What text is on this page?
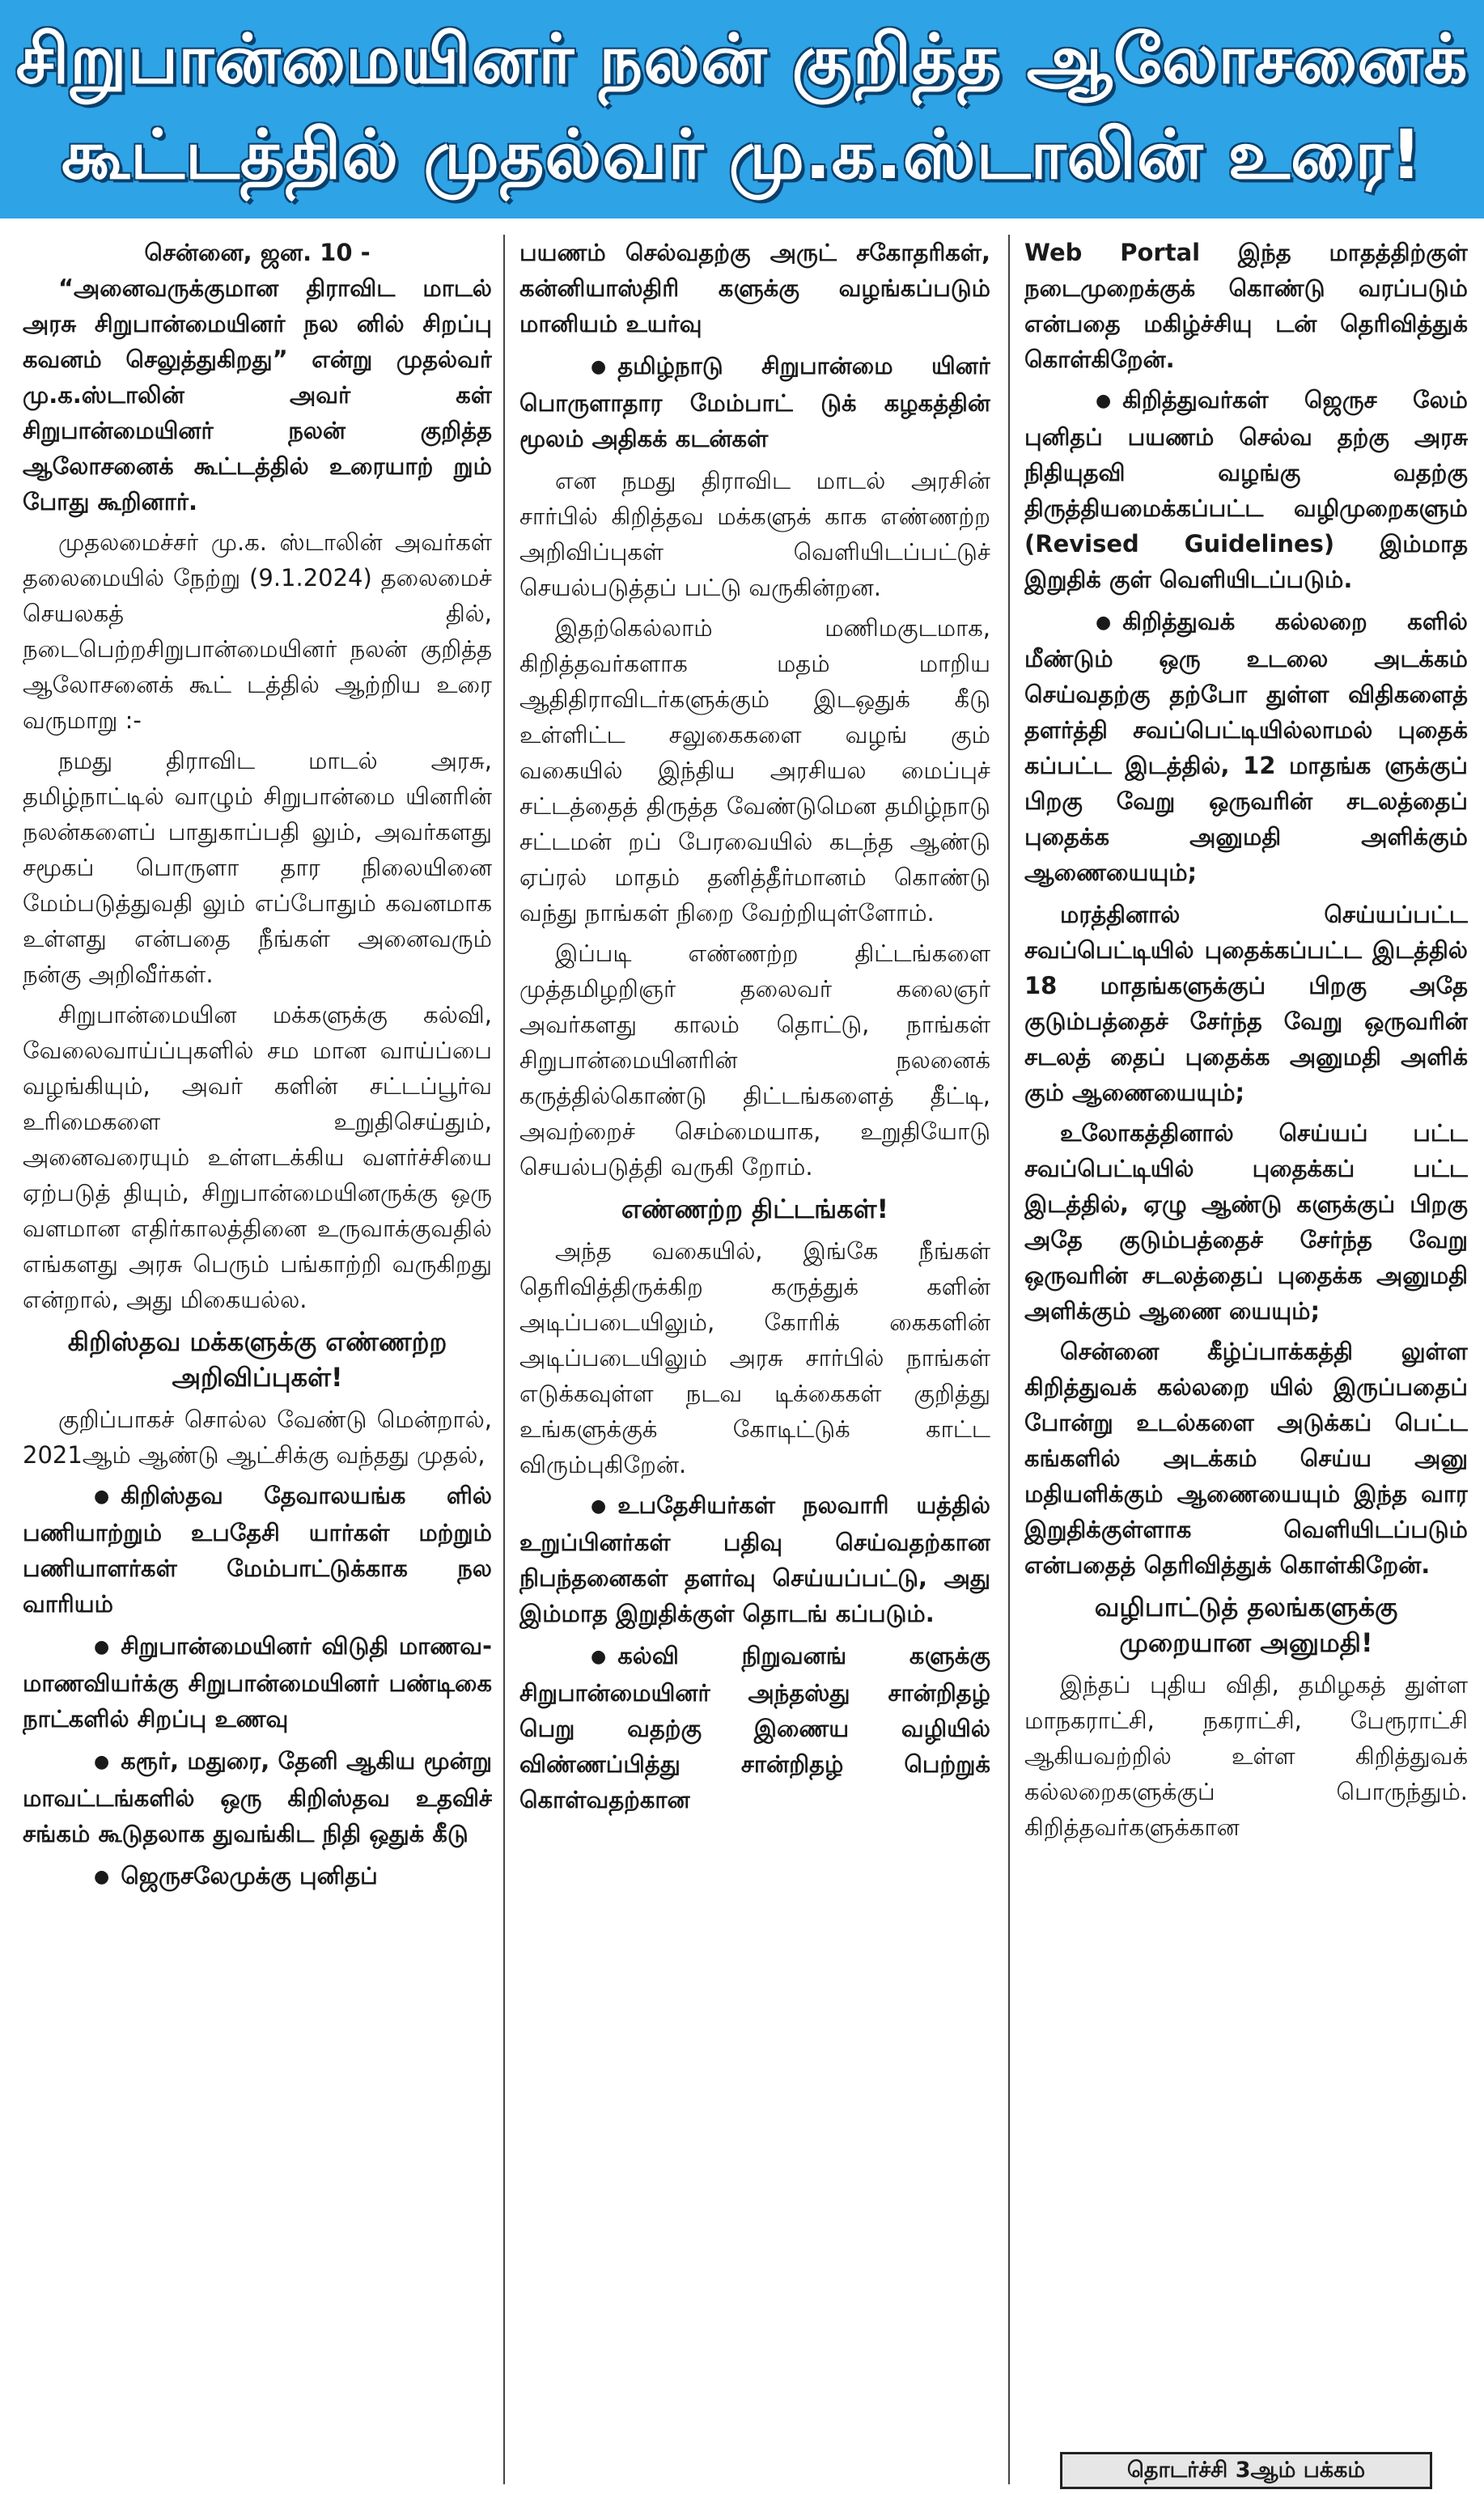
சிறுபான்மையினர் நலன் குறித்த ஆலோசனைக்
கூட்டத்தில் முதல்வர் மு.க.ஸ்டாலின் உரை!

சென்னை, ஜன. 10 -

“அனைவருக்குமான திராவிட மாடல் அரசு சிறுபான்மையினர் நல னில் சிறப்பு கவனம் செலுத்துகிறது” என்று முதல்வர் மு.க.ஸ்டாலின் அவர் கள் சிறுபான்மையினர் நலன் குறித்த ஆலோசனைக் கூட்டத்தில் உரையாற் றும் போது கூறினார்.

முதலமைச்சர் மு.க. ஸ்டாலின் அவர்கள் தலைமையில் நேற்று (9.1.2024) தலைமைச் செயலகத் தில், நடைபெற்றசிறுபான்மையினர் நலன் குறித்த ஆலோசனைக் கூட் டத்தில் ஆற்றிய உரை வருமாறு :-

நமது திராவிட மாடல் அரசு, தமிழ்நாட்டில் வாழும் சிறுபான்மை யினரின் நலன்களைப் பாதுகாப்பதி லும், அவர்களது சமூகப் பொருளா தார நிலையினை மேம்படுத்துவதி லும் எப்போதும் கவனமாக உள்ளது என்பதை நீங்கள் அனைவரும் நன்கு அறிவீர்கள்.

சிறுபான்மையின மக்களுக்கு கல்வி, வேலைவாய்ப்புகளில் சம மான வாய்ப்பை வழங்கியும், அவர் களின் சட்டப்பூர்வ உரிமைகளை உறுதிசெய்தும், அனைவரையும் உள்ளடக்கிய வளர்ச்சியை ஏற்படுத் தியும், சிறுபான்மையினருக்கு ஒரு வளமான எதிர்காலத்தினை உருவாக்குவதில் எங்களது அரசு பெரும் பங்காற்றி வருகிறது என்றால், அது மிகையல்ல.

கிறிஸ்தவ மக்களுக்கு எண்ணற்ற அறிவிப்புகள்!

குறிப்பாகச் சொல்ல வேண்டு மென்றால், 2021ஆம் ஆண்டு ஆட்சிக்கு வந்தது முதல்,

● கிறிஸ்தவ தேவாலயங்க ளில் பணியாற்றும் உபதேசி யார்கள் மற்றும் பணியாளர்கள் மேம்பாட்டுக்காக நல வாரியம்

● சிறுபான்மையினர் விடுதி மாணவ-மாணவியர்க்கு சிறுபான்மையினர் பண்டிகை நாட்களில் சிறப்பு உணவு

● கரூர், மதுரை, தேனி ஆகிய மூன்று மாவட்டங்களில் ஒரு கிறிஸ்தவ உதவிச் சங்கம் கூடுதலாக துவங்கிட நிதி ஒதுக் கீடு

● ஜெருசலேமுக்கு புனிதப்

பயணம் செல்வதற்கு அருட் சகோதரிகள், கன்னியாஸ்திரி களுக்கு வழங்கப்படும் மானியம் உயர்வு

● தமிழ்நாடு சிறுபான்மை யினர் பொருளாதார மேம்பாட் டுக் கழகத்தின் மூலம் அதிகக் கடன்கள்

என நமது திராவிட மாடல் அரசின் சார்பில் கிறித்தவ மக்களுக் காக எண்ணற்ற அறிவிப்புகள் வெளியிடப்பட்டுச் செயல்படுத்தப் பட்டு வருகின்றன.

இதற்கெல்லாம் மணிமகுடமாக, கிறித்தவர்களாக மதம் மாறிய ஆதிதிராவிடர்களுக்கும் இடஒதுக் கீடு உள்ளிட்ட சலுகைகளை வழங் கும் வகையில் இந்திய அரசியல மைப்புச் சட்டத்தைத் திருத்த வேண்டுமென தமிழ்நாடு சட்டமன் றப் பேரவையில் கடந்த ஆண்டு ஏப்ரல் மாதம் தனித்தீர்மானம் கொண்டு வந்து நாங்கள் நிறை வேற்றியுள்ளோம்.

இப்படி எண்ணற்ற திட்டங்களை முத்தமிழறிஞர் தலைவர் கலைஞர் அவர்களது காலம் தொட்டு, நாங்கள் சிறுபான்மையினரின் நலனைக் கருத்தில்கொண்டு திட்டங்களைத் தீட்டி, அவற்றைச் செம்மையாக, உறுதியோடு செயல்படுத்தி வருகி றோம்.

எண்ணற்ற திட்டங்கள்!

அந்த வகையில், இங்கே நீங்கள் தெரிவித்திருக்கிற கருத்துக் களின் அடிப்படையிலும், கோரிக் கைகளின் அடிப்படையிலும் அரசு சார்பில் நாங்கள் எடுக்கவுள்ள நடவ டிக்கைகள் குறித்து உங்களுக்குக் கோடிட்டுக் காட்ட விரும்புகிறேன்.

● உபதேசியர்கள் நலவாரி யத்தில் உறுப்பினர்கள் பதிவு செய்வதற்கான நிபந்தனைகள் தளர்வு செய்யப்பட்டு, அது இம்மாத இறுதிக்குள் தொடங் கப்படும்.

● கல்வி நிறுவனங் களுக்கு சிறுபான்மையினர் அந்தஸ்து சான்றிதழ் பெறு வதற்கு இணைய வழியில் விண்ணப்பித்து சான்றிதழ் பெற்றுக் கொள்வதற்கான

Web Portal இந்த மாதத்திற்குள் நடைமுறைக்குக் கொண்டு வரப்படும் என்பதை மகிழ்ச்சியு டன் தெரிவித்துக் கொள்கிறேன்.

● கிறித்துவர்கள் ஜெருச லேம் புனிதப் பயணம் செல்வ தற்கு அரசு நிதியுதவி வழங்கு வதற்கு திருத்தியமைக்கப்பட்ட வழிமுறைகளும் (Revised Guidelines) இம்மாத இறுதிக் குள் வெளியிடப்படும்.

● கிறித்துவக் கல்லறை களில் மீண்டும் ஒரு உடலை அடக்கம் செய்வதற்கு தற்போ துள்ள விதிகளைத் தளர்த்தி சவப்பெட்டியில்லாமல் புதைக் கப்பட்ட இடத்தில், 12 மாதங்க ளுக்குப் பிறகு வேறு ஒருவரின் சடலத்தைப் புதைக்க அனுமதி அளிக்கும் ஆணையையும்;

மரத்தினால் செய்யப்பட்ட சவப்பெட்டியில் புதைக்கப்பட்ட இடத்தில் 18 மாதங்களுக்குப் பிறகு அதே குடும்பத்தைச் சேர்ந்த வேறு ஒருவரின் சடலத் தைப் புதைக்க அனுமதி அளிக் கும் ஆணையையும்;

உலோகத்தினால் செய்யப் பட்ட சவப்பெட்டியில் புதைக்கப் பட்ட இடத்தில், ஏழு ஆண்டு களுக்குப் பிறகு அதே குடும்பத்தைச் சேர்ந்த வேறு ஒருவரின் சடலத்தைப் புதைக்க அனுமதி அளிக்கும் ஆணை யையும்;

சென்னை கீழ்ப்பாக்கத்தி லுள்ள கிறித்துவக் கல்லறை யில் இருப்பதைப் போன்று உடல்களை அடுக்கப் பெட்ட கங்களில் அடக்கம் செய்ய அனு மதியளிக்கும் ஆணையையும் இந்த வார இறுதிக்குள்ளாக வெளியிடப்படும் என்பதைத் தெரிவித்துக் கொள்கிறேன்.

வழிபாட்டுத் தலங்களுக்கு முறையான அனுமதி!

இந்தப் புதிய விதி, தமிழகத் துள்ள மாநகராட்சி, நகராட்சி, பேரூராட்சி ஆகியவற்றில் உள்ள கிறித்துவக் கல்லறைகளுக்குப் பொருந்தும். கிறித்தவர்களுக்கான

தொடர்ச்சி 3ஆம் பக்கம்
